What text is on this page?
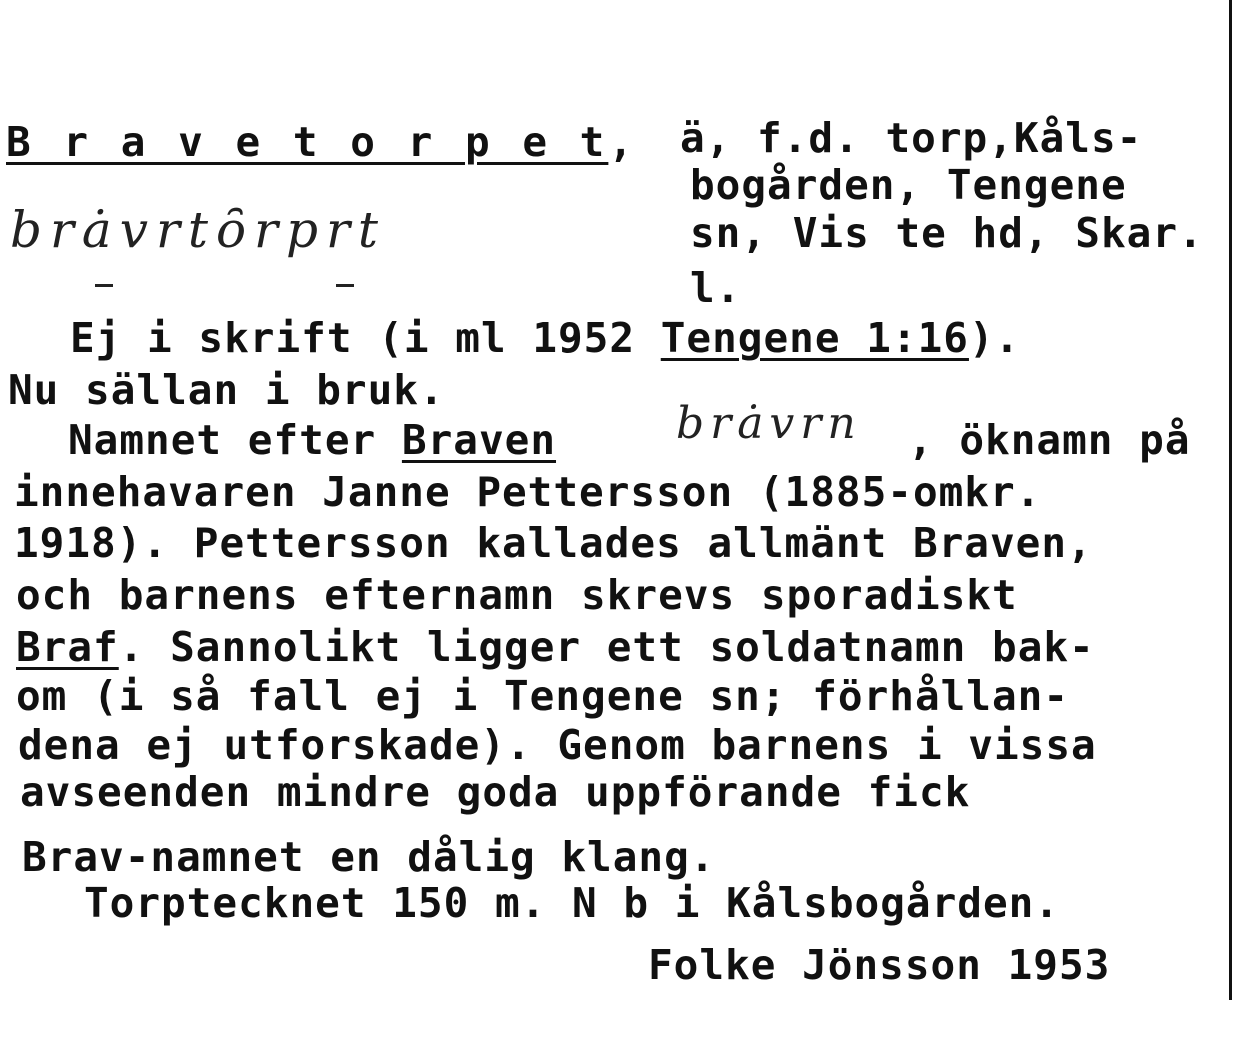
B r a v e t o r p e t, ä, f.d. torp,Kåls-
bogården, Tengene
sn, Vis te hd, Skar.
l.
brȧvrtȏrprt
Ej i skrift (i ml 1952 Tengene 1:16).
Nu sällan i bruk.
Namnet efter Braven	brȧvrn , öknamn på
innehavaren Janne Pettersson (1885-omkr.
1918). Pettersson kallades allmänt Braven,
och barnens efternamn skrevs sporadiskt
Braf. Sannolikt ligger ett soldatnamn bak-
om (i så fall ej i Tengene sn; förhållan-
dena ej utforskade). Genom barnens i vissa
avseenden mindre goda uppförande fick
Brav-namnet en dålig klang.
Torptecknet 150 m. N b i Kålsbogården.
Folke Jönsson 1953
